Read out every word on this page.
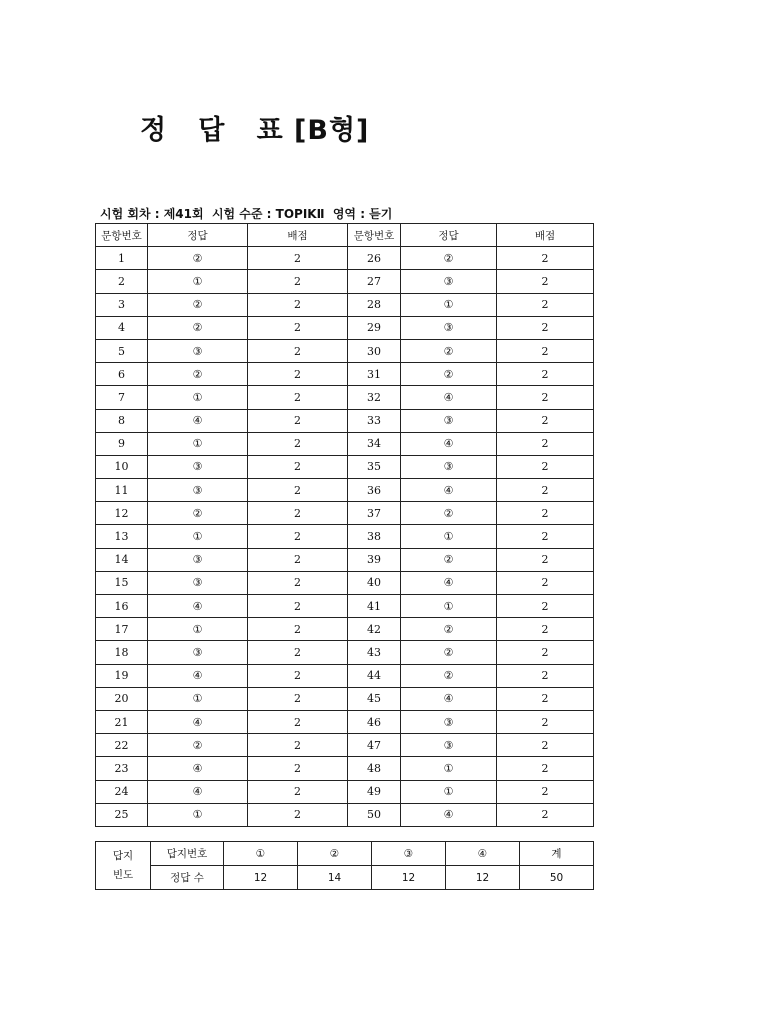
정   답   표 [B형]
시험 회차 : 제41회  시험 수준 : TOPIKⅡ  영역 : 듣기
문항번호	정답	배점	문항번호	정답	배점
1	②	2	26	②	2
2	①	2	27	③	2
3	②	2	28	①	2
4	②	2	29	③	2
5	③	2	30	②	2
6	②	2	31	②	2
7	①	2	32	④	2
8	④	2	33	③	2
9	①	2	34	④	2
10	③	2	35	③	2
11	③	2	36	④	2
12	②	2	37	②	2
13	①	2	38	①	2
14	③	2	39	②	2
15	③	2	40	④	2
16	④	2	41	①	2
17	①	2	42	②	2
18	③	2	43	②	2
19	④	2	44	②	2
20	①	2	45	④	2
21	④	2	46	③	2
22	②	2	47	③	2
23	④	2	48	①	2
24	④	2	49	①	2
25	①	2	50	④	2
답지
빈도	답지번호	①	②	③	④	계
	정답 수	12	14	12	12	50
